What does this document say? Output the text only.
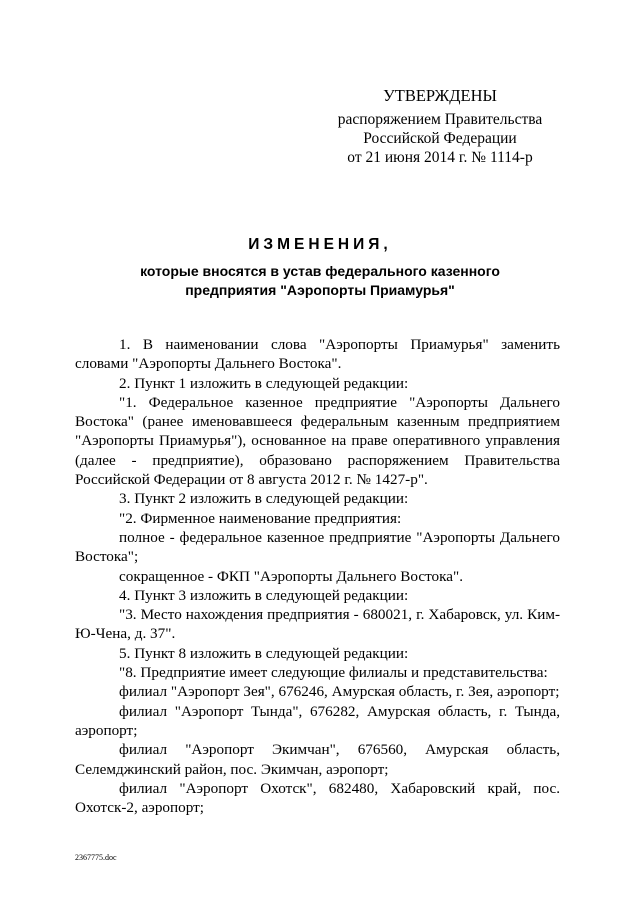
УТВЕРЖДЕНЫ
распоряжением Правительства
Российской Федерации
от 21 июня 2014 г. № 1114-р
ИЗМЕНЕНИЯ,
которые вносятся в устав федерального казенного
предприятия "Аэропорты Приамурья"

1. В наименовании слова "Аэропорты Приамурья" заменить словами "Аэропорты Дальнего Востока".

2. Пункт 1 изложить в следующей редакции:

"1. Федеральное казенное предприятие "Аэропорты Дальнего Востока" (ранее именовавшееся федеральным казенным предприятием "Аэропорты Приамурья"), основанное на праве оперативного управления (далее - предприятие), образовано распоряжением Правительства Российской Федерации от 8 августа 2012 г. № 1427-р".

3. Пункт 2 изложить в следующей редакции:

"2. Фирменное наименование предприятия:

полное - федеральное казенное предприятие "Аэропорты Дальнего Востока";

сокращенное - ФКП "Аэропорты Дальнего Востока".

4. Пункт 3 изложить в следующей редакции:

"3. Место нахождения предприятия - 680021, г. Хабаровск, ул. Ким-Ю-Чена, д. 37".

5. Пункт 8 изложить в следующей редакции:

"8. Предприятие имеет следующие филиалы и представительства:

филиал "Аэропорт Зея", 676246, Амурская область, г. Зея, аэропорт;

филиал "Аэропорт Тында", 676282, Амурская область, г. Тында, аэропорт;

филиал "Аэропорт Экимчан", 676560, Амурская область, Селемджинский район, пос. Экимчан, аэропорт;

филиал "Аэропорт Охотск", 682480, Хабаровский край, пос. Охотск-2, аэропорт;

2367775.doc
